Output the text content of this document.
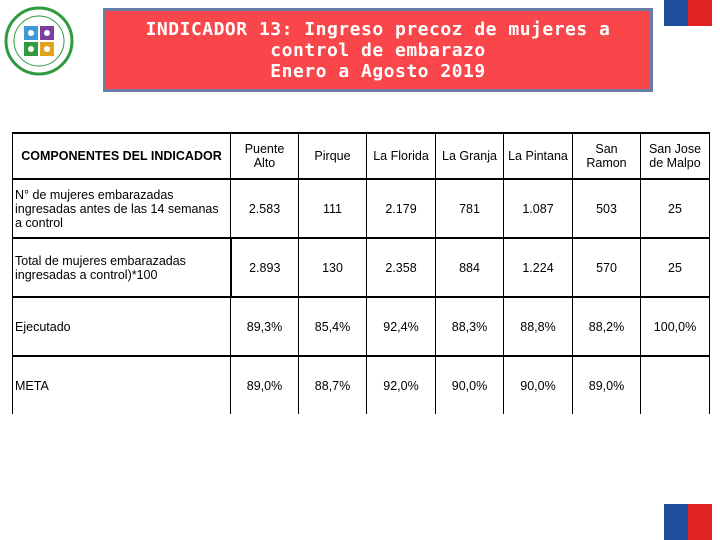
INDICADOR 13: Ingreso precoz de mujeres a
control de embarazo
Enero a Agosto 2019
COMPONENTES DEL INDICADOR	Puente Alto	Pirque	La Florida	La Granja	La Pintana	San Ramon	San Jose de Malpo
N° de mujeres embarazadas ingresadas antes de las 14 semanas a control	2.583	111	2.179	781	1.087	503	25
Total de mujeres embarazadas ingresadas a control)*100	2.893	130	2.358	884	1.224	570	25
Ejecutado	89,3%	85,4%	92,4%	88,3%	88,8%	88,2%	100,0%
META	89,0%	88,7%	92,0%	90,0%	90,0%	89,0%	
